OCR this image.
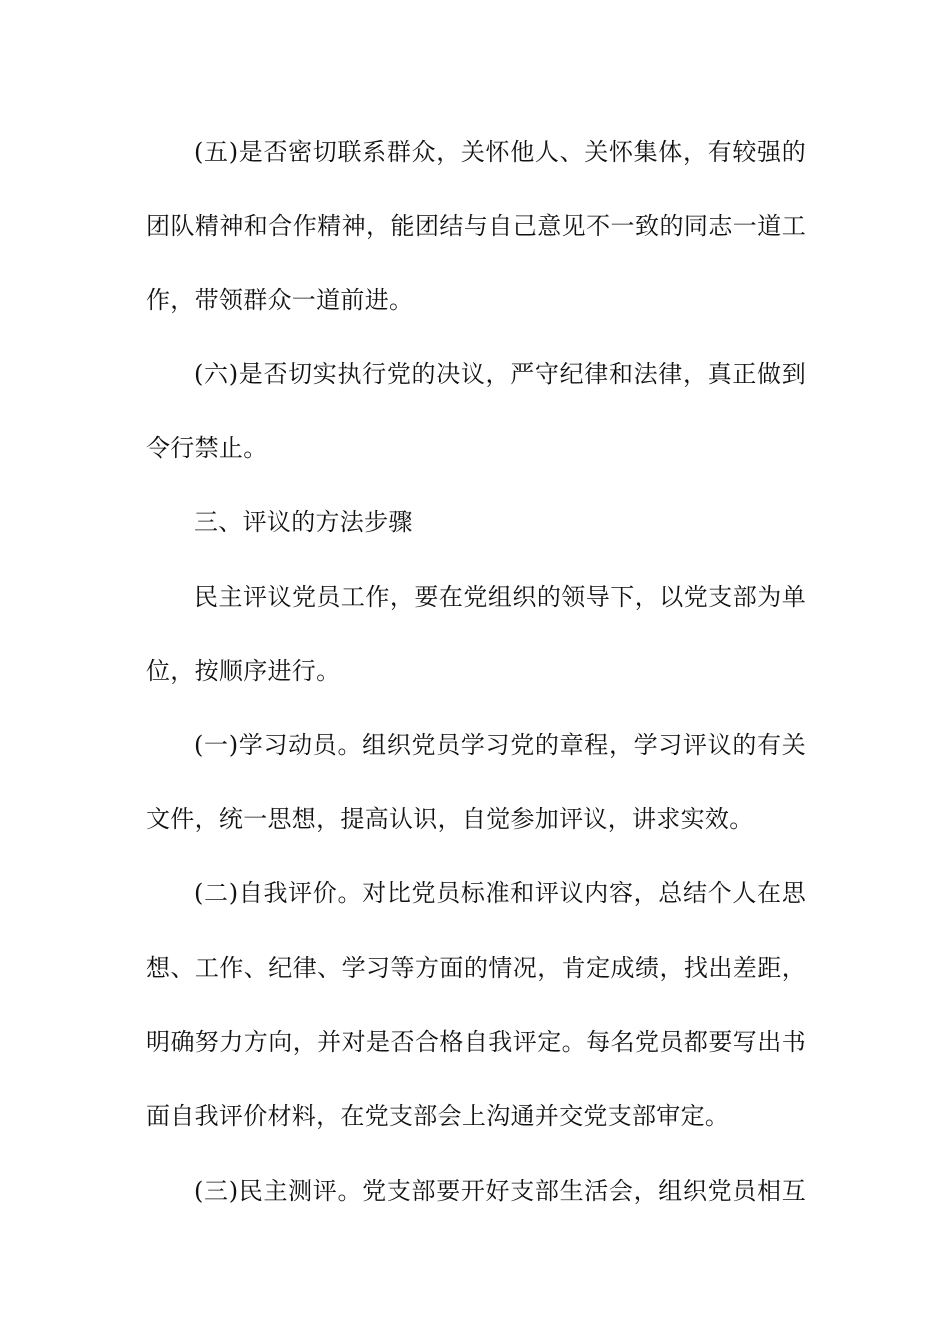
(五)是否密切联系群众，关怀他人、关怀集体，有较强的
团队精神和合作精神，能团结与自己意见不一致的同志一道工
作，带领群众一道前进。
(六)是否切实执行党的决议，严守纪律和法律，真正做到
令行禁止。
三、评议的方法步骤
民主评议党员工作，要在党组织的领导下，以党支部为单
位，按顺序进行。
(一)学习动员。组织党员学习党的章程，学习评议的有关
文件，统一思想，提高认识，自觉参加评议，讲求实效。
(二)自我评价。对比党员标准和评议内容，总结个人在思
想、工作、纪律、学习等方面的情况，肯定成绩，找出差距，
明确努力方向，并对是否合格自我评定。每名党员都要写出书
面自我评价材料，在党支部会上沟通并交党支部审定。
(三)民主测评。党支部要开好支部生活会，组织党员相互
